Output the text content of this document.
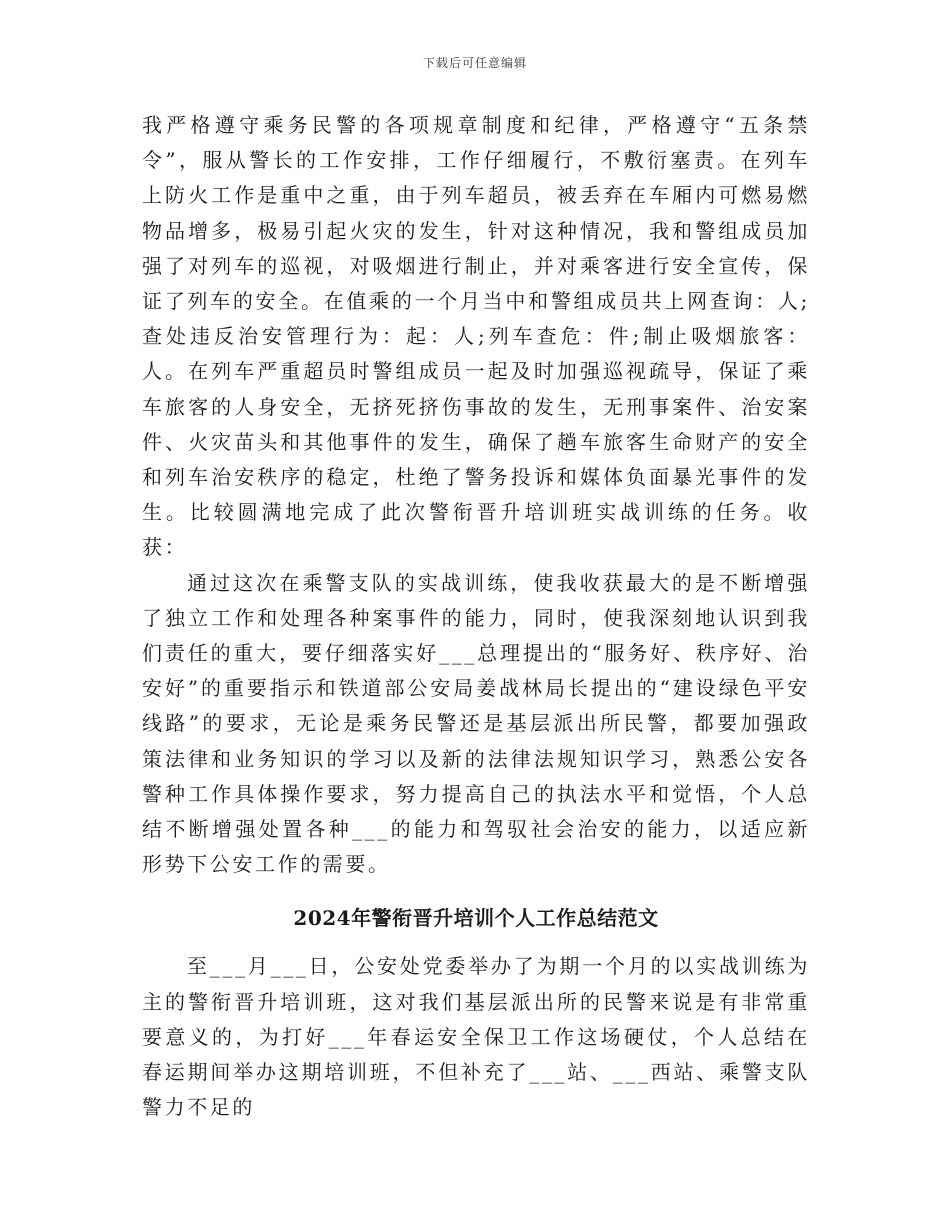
下载后可任意编辑

我严格遵守乘务民警的各项规章制度和纪律，严格遵守“五条禁令”，服从警长的工作安排，工作仔细履行，不敷衍塞责。在列车上防火工作是重中之重，由于列车超员，被丢弃在车厢内可燃易燃物品增多，极易引起火灾的发生，针对这种情况，我和警组成员加强了对列车的巡视，对吸烟进行制止，并对乘客进行安全宣传，保证了列车的安全。在值乘的一个月当中和警组成员共上网查询：人;查处违反治安管理行为：起：人;列车查危：件;制止吸烟旅客：人。在列车严重超员时警组成员一起及时加强巡视疏导，保证了乘车旅客的人身安全，无挤死挤伤事故的发生，无刑事案件、治安案件、火灾苗头和其他事件的发生，确保了趟车旅客生命财产的安全和列车治安秩序的稳定，杜绝了警务投诉和媒体负面暴光事件的发生。比较圆满地完成了此次警衔晋升培训班实战训练的任务。收获：

通过这次在乘警支队的实战训练，使我收获最大的是不断增强了独立工作和处理各种案事件的能力，同时，使我深刻地认识到我们责任的重大，要仔细落实好___总理提出的“服务好、秩序好、治安好”的重要指示和铁道部公安局姜战林局长提出的“建设绿色平安线路”的要求，无论是乘务民警还是基层派出所民警，都要加强政策法律和业务知识的学习以及新的法律法规知识学习，熟悉公安各警种工作具体操作要求，努力提高自己的执法水平和觉悟，个人总结不断增强处置各种___的能力和驾驭社会治安的能力，以适应新形势下公安工作的需要。

2024年警衔晋升培训个人工作总结范文

至___月___日，公安处党委举办了为期一个月的以实战训练为主的警衔晋升培训班，这对我们基层派出所的民警来说是有非常重要意义的，为打好___年春运安全保卫工作这场硬仗，个人总结在春运期间举办这期培训班，不但补充了___站、___西站、乘警支队警力不足的
